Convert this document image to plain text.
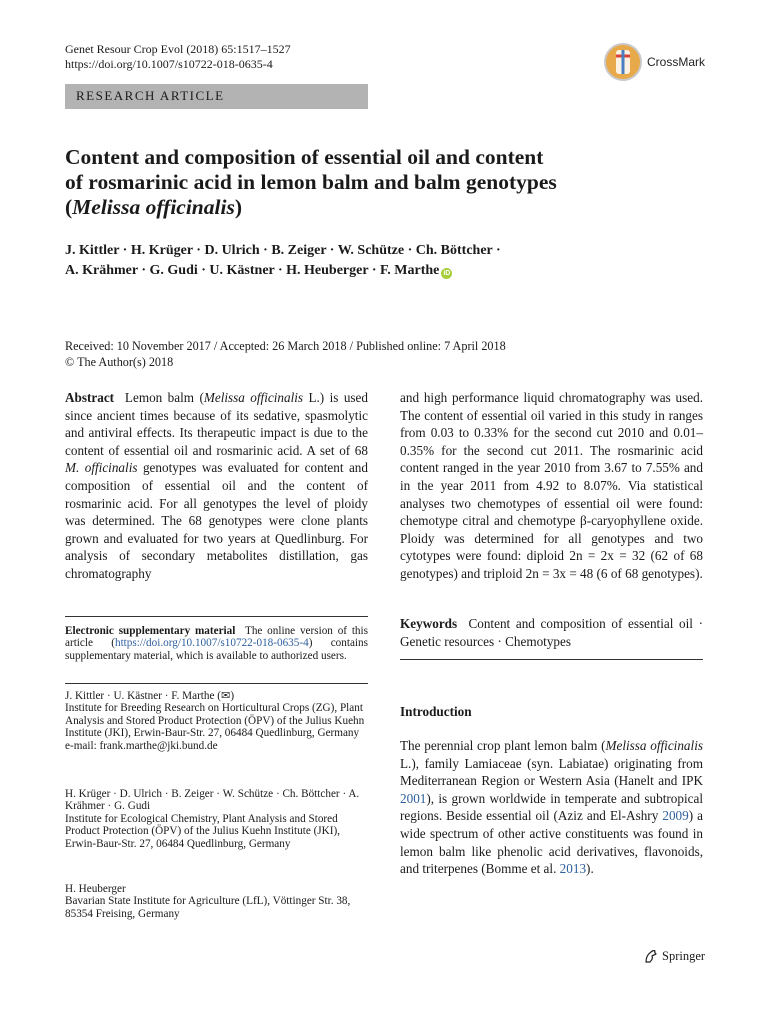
Genet Resour Crop Evol (2018) 65:1517–1527
https://doi.org/10.1007/s10722-018-0635-4	CrossMark
RESEARCH ARTICLE
Content and composition of essential oil and content
of rosmarinic acid in lemon balm and balm genotypes
(Melissa officinalis)
J. Kittler · H. Krüger · D. Ulrich · B. Zeiger · W. Schütze · Ch. Böttcher ·
A. Krähmer · G. Gudi · U. Kästner · H. Heuberger · F. Marthe iD
Received: 10 November 2017 / Accepted: 26 March 2018 / Published online: 7 April 2018
© The Author(s) 2018
Abstract Lemon balm (Melissa officinalis L.) is used since ancient times because of its sedative, spasmolytic and antiviral effects. Its therapeutic impact is due to the content of essential oil and rosmarinic acid. A set of 68 M. officinalis genotypes was evaluated for content and composition of essential oil and the content of rosmarinic acid. For all genotypes the level of ploidy was determined. The 68 genotypes were clone plants grown and evaluated for two years at Quedlinburg. For analysis of secondary metabolites distillation, gas chromatography
and high performance liquid chromatography was used. The content of essential oil varied in this study in ranges from 0.03 to 0.33% for the second cut 2010 and 0.01–0.35% for the second cut 2011. The rosmarinic acid content ranged in the year 2010 from 3.67 to 7.55% and in the year 2011 from 4.92 to 8.07%. Via statistical analyses two chemotypes of essential oil were found: chemotype citral and chemotype β-caryophyllene oxide. Ploidy was determined for all genotypes and two cytotypes were found: diploid 2n = 2x = 32 (62 of 68 genotypes) and triploid 2n = 3x = 48 (6 of 68 genotypes).
Keywords Content and composition of essential oil · Genetic resources · Chemotypes
Electronic supplementary material The online version of this article (https://doi.org/10.1007/s10722-018-0635-4) contains supplementary material, which is available to authorized users.
J. Kittler · U. Kästner · F. Marthe (✉)
Institute for Breeding Research on Horticultural Crops (ZG), Plant Analysis and Stored Product Protection (ÖPV) of the Julius Kuehn Institute (JKI), Erwin-Baur-Str. 27, 06484 Quedlinburg, Germany
e-mail: frank.marthe@jki.bund.de
H. Krüger · D. Ulrich · B. Zeiger · W. Schütze · Ch. Böttcher · A. Krähmer · G. Gudi
Institute for Ecological Chemistry, Plant Analysis and Stored Product Protection (ÖPV) of the Julius Kuehn Institute (JKI), Erwin-Baur-Str. 27, 06484 Quedlinburg, Germany
H. Heuberger
Bavarian State Institute for Agriculture (LfL), Vöttinger Str. 38, 85354 Freising, Germany
Introduction
The perennial crop plant lemon balm (Melissa officinalis L.), family Lamiaceae (syn. Labiatae) originating from Mediterranean Region or Western Asia (Hanelt and IPK 2001), is grown worldwide in temperate and subtropical regions. Beside essential oil (Aziz and El-Ashry 2009) a wide spectrum of other active constituents was found in lemon balm like phenolic acid derivatives, flavonoids, and triterpenes (Bomme et al. 2013).
Springer
